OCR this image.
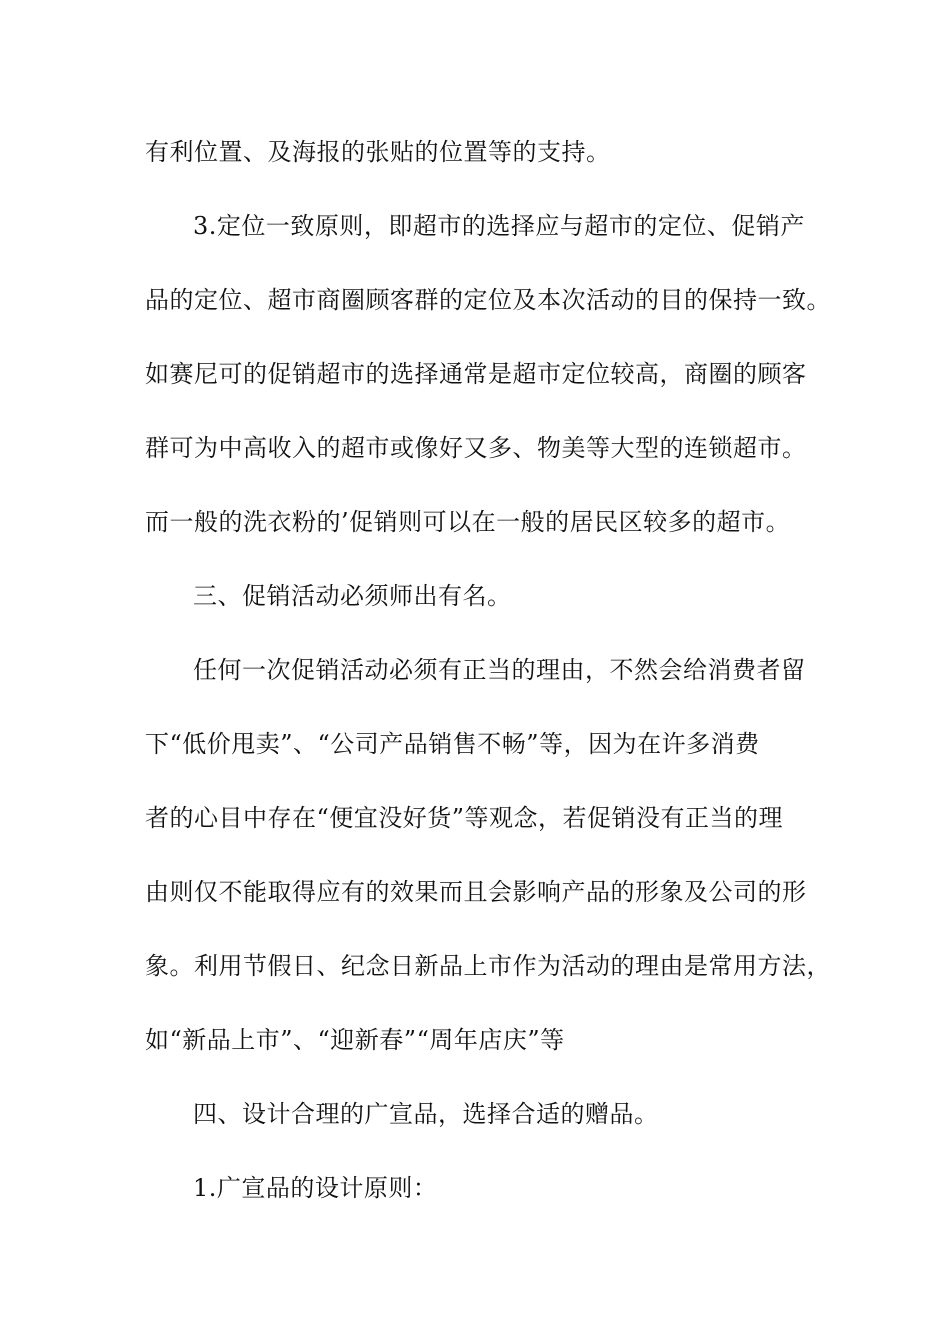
有利位置、及海报的张贴的位置等的支持。
3.定位一致原则，即超市的选择应与超市的定位、促销产
品的定位、超市商圈顾客群的定位及本次活动的目的保持一致。
如赛尼可的促销超市的选择通常是超市定位较高，商圈的顾客
群可为中高收入的超市或像好又多、物美等大型的连锁超市。
而一般的洗衣粉的’促销则可以在一般的居民区较多的超市。
三、促销活动必须师出有名。
任何一次促销活动必须有正当的理由，不然会给消费者留
下“低价甩卖”、“公司产品销售不畅”等，因为在许多消费
者的心目中存在“便宜没好货”等观念，若促销没有正当的理
由则仅不能取得应有的效果而且会影响产品的形象及公司的形
象。利用节假日、纪念日新品上市作为活动的理由是常用方法，
如“新品上市”、“迎新春”“周年店庆”等
四、设计合理的广宣品，选择合适的赠品。
1.广宣品的设计原则：
